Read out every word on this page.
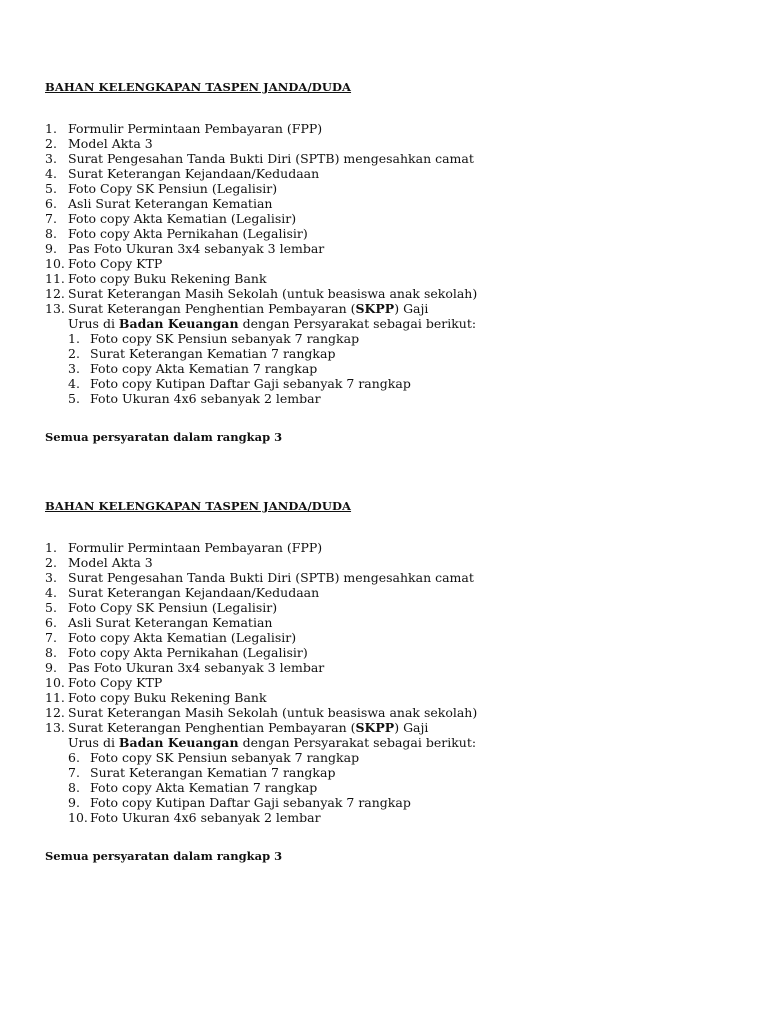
BAHAN KELENGKAPAN TASPEN JANDA/DUDA
1. Formulir Permintaan Pembayaran (FPP)
2. Model Akta 3
3. Surat Pengesahan Tanda Bukti Diri (SPTB) mengesahkan camat
4. Surat Keterangan Kejandaan/Kedudaan
5. Foto Copy SK Pensiun (Legalisir)
6. Asli Surat Keterangan Kematian
7. Foto copy Akta Kematian (Legalisir)
8. Foto copy Akta Pernikahan (Legalisir)
9. Pas Foto Ukuran 3x4 sebanyak 3 lembar
10. Foto Copy KTP
11. Foto copy Buku Rekening Bank
12. Surat Keterangan Masih Sekolah (untuk beasiswa anak sekolah)
13. Surat Keterangan Penghentian Pembayaran (SKPP) Gaji
Urus di Badan Keuangan dengan Persyarakat sebagai berikut:
1. Foto copy SK Pensiun sebanyak 7 rangkap
2. Surat Keterangan Kematian 7 rangkap
3. Foto copy Akta Kematian 7 rangkap
4. Foto copy Kutipan Daftar Gaji sebanyak 7 rangkap
5. Foto Ukuran 4x6 sebanyak 2 lembar
Semua persyaratan dalam rangkap 3
BAHAN KELENGKAPAN TASPEN JANDA/DUDA
1. Formulir Permintaan Pembayaran (FPP)
2. Model Akta 3
3. Surat Pengesahan Tanda Bukti Diri (SPTB) mengesahkan camat
4. Surat Keterangan Kejandaan/Kedudaan
5. Foto Copy SK Pensiun (Legalisir)
6. Asli Surat Keterangan Kematian
7. Foto copy Akta Kematian (Legalisir)
8. Foto copy Akta Pernikahan (Legalisir)
9. Pas Foto Ukuran 3x4 sebanyak 3 lembar
10. Foto Copy KTP
11. Foto copy Buku Rekening Bank
12. Surat Keterangan Masih Sekolah (untuk beasiswa anak sekolah)
13. Surat Keterangan Penghentian Pembayaran (SKPP) Gaji
Urus di Badan Keuangan dengan Persyarakat sebagai berikut:
6. Foto copy SK Pensiun sebanyak 7 rangkap
7. Surat Keterangan Kematian 7 rangkap
8. Foto copy Akta Kematian 7 rangkap
9. Foto copy Kutipan Daftar Gaji sebanyak 7 rangkap
10. Foto Ukuran 4x6 sebanyak 2 lembar
Semua persyaratan dalam rangkap 3
